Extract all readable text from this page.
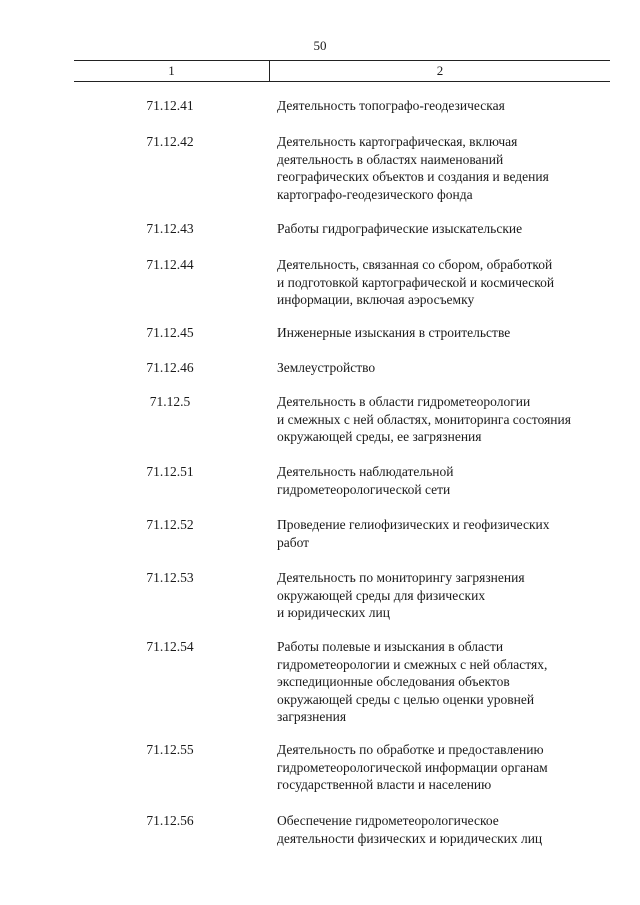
50
1	2
71.12.41	Деятельность топографо-геодезическая
71.12.42	Деятельность картографическая, включая
деятельность в областях наименований
географических объектов и создания и ведения
картографо-геодезического фонда
71.12.43	Работы гидрографические изыскательские
71.12.44	Деятельность, связанная со сбором, обработкой
и подготовкой картографической и космической
информации, включая аэросъемку
71.12.45	Инженерные изыскания в строительстве
71.12.46	Землеустройство
71.12.5	Деятельность в области гидрометеорологии
и смежных с ней областях, мониторинга состояния
окружающей среды, ее загрязнения
71.12.51	Деятельность наблюдательной
гидрометеорологической сети
71.12.52	Проведение гелиофизических и геофизических
работ
71.12.53	Деятельность по мониторингу загрязнения
окружающей среды для физических
и юридических лиц
71.12.54	Работы полевые и изыскания в области
гидрометеорологии и смежных с ней областях,
экспедиционные обследования объектов
окружающей среды с целью оценки уровней
загрязнения
71.12.55	Деятельность по обработке и предоставлению
гидрометеорологической информации органам
государственной власти и населению
71.12.56	Обеспечение гидрометеорологическое
деятельности физических и юридических лиц
